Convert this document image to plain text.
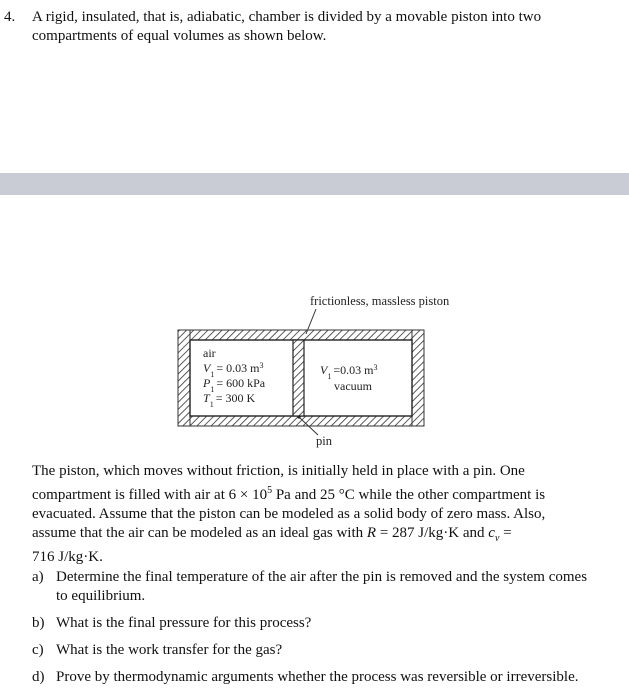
4. A rigid, insulated, that is, adiabatic, chamber is divided by a movable piston into two
compartments of equal volumes as shown below.
frictionless, massless piston
pin
air
$V_1 = 0.03$ $m^3$
$P_1 = 600$ kPa
$T_1 = 300$ K
$V_1 =0.03$ $m^3$
vacuum
The piston, which moves without friction, is initially held in place with a pin. One
compartment is filled with air at $6 \times 10^5$ Pa and 25 °C while the other compartment is
evacuated. Assume that the piston can be modeled as a solid body of zero mass. Also,
assume that the air can be modeled as an ideal gas with R = 287 J/kg·K and $c_v$ =
716 J/kg·K.
a) Determine the final temperature of the air after the pin is removed and the system comes
to equilibrium.
b) What is the final pressure for this process?
c) What is the work transfer for the gas?
d) Prove by thermodynamic arguments whether the process was reversible or irreversible.
